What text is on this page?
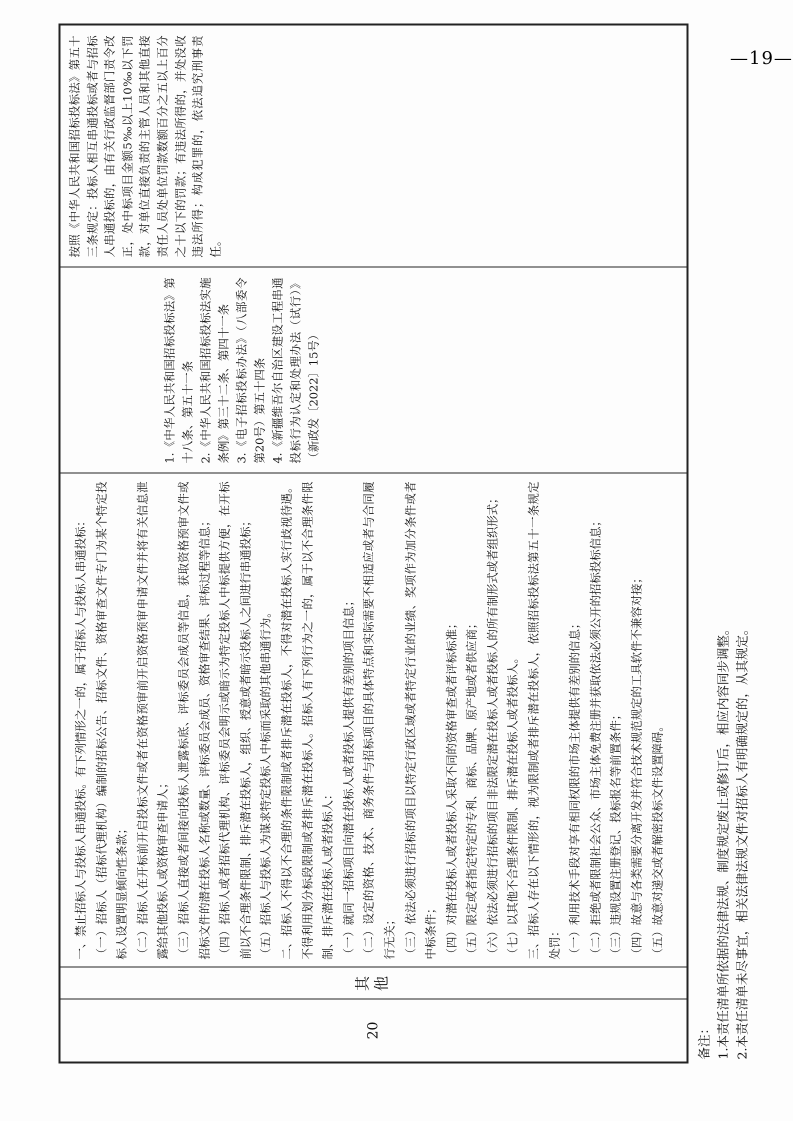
—19—
20
其他

一、禁止招标人与投标人串通投标。有下列情形之一的，属于招标人与投标人串通投标： （一）招标人（招标代理机构）编制的招标公告、招标文件、资格审查文件专门为某个特定投标人设置明显倾向性条款； （二）招标人在开标前开启投标文件或者在资格预审前开启资格预审申请文件并将有关信息泄露给其他投标人或资格审查申请人； （三）招标人直接或者间接向投标人泄露标底、评标委员会成员等信息，获取资格预审文件或招标文件的潜在投标人名称或数量、评标委员会成员、资格审查结果、评标过程等信息； （四）招标人或者招标代理机构、评标委员会明示或暗示为特定投标人中标提供方便，在开标前以不合理条件限制、排斥潜在投标人，组织、授意或者暗示投标人之间进行串通投标； （五）招标人与投标人为谋求特定投标人中标而采取的其他串通行为。 二、招标人不得以不合理的条件限制或者排斥潜在投标人，不得对潜在投标人实行歧视待遇。不得利用划分标段限制或者排斥潜在投标人。招标人有下列行为之一的，属于以不合理条件限制、排斥潜在投标人或者投标人： （一）就同一招标项目向潜在投标人或者投标人提供有差别的项目信息； （二）设定的资格、技术、商务条件与招标项目的具体特点和实际需要不相适应或者与合同履行无关； （三）依法必须进行招标的项目以特定行政区域或者特定行业的业绩、奖项作为加分条件或者中标条件； （四）对潜在投标人或者投标人采取不同的资格审查或者评标标准； （五）限定或者指定特定的专利、商标、品牌、原产地或者供应商； （六）依法必须进行招标的项目非法限定潜在投标人或者投标人的所有制形式或者组织形式； （七）以其他不合理条件限制、排斥潜在投标人或者投标人。 三、招标人存在以下情形的，视为限制或者排斥潜在投标人，依照招标投标法第五十一条规定处罚： （一）利用技术手段对享有相同权限的市场主体提供有差别的信息； （二）拒绝或者限制社会公众、市场主体免费注册并获取依法必须公开的招标投标信息； （三）违规设置注册登记、投标报名等前置条件； （四）故意与各类需要分离开发并符合技术规范规定的工具软件不兼容对接； （五）故意对递交或者解密投标文件设置障碍。

1.《中华人民共和国招标投标法》第十八条、第五十一条 2.《中华人民共和国招标投标法实施条例》第三十二条、第四十一条 3.《电子招标投标办法》（八部委令第20号）第五十四条 4.《新疆维吾尔自治区建设工程串通投标行为认定和处理办法（试行）》（新政发〔2022〕15号）

按照《中华人民共和国招标投标法》第五十三条规定：投标人相互串通投标或者与招标人串通投标的，由有关行政监督部门责令改正，处中标项目金额5‰以上10‰以下罚款，对单位直接负责的主管人员和其他直接责任人员处单位罚款数额百分之五以上百分之十以下的罚款；有违法所得的，并处没收违法所得；构成犯罪的，依法追究刑事责任。

备注： 1.本责任清单所依据的法律法规、制度规定废止或修订后，相应内容同步调整。 2.本责任清单未尽事宜，相关法律法规文件对招标人有明确规定的，从其规定。
